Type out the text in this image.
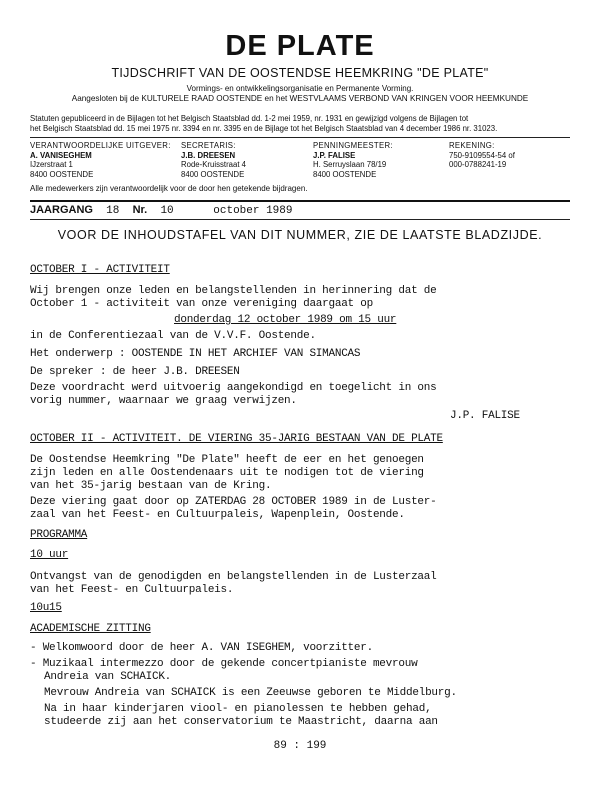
DE PLATE
TIJDSCHRIFT VAN DE OOSTENDSE HEEMKRING "DE PLATE"
Vormings- en ontwikkelingsorganisatie en Permanente Vorming.
Aangesloten bij de KULTURELE RAAD OOSTENDE en het WESTVLAAMS VERBOND VAN KRINGEN VOOR HEEMKUNDE
Statuten gepubliceerd in de Bijlagen tot het Belgisch Staatsblad dd. 1-2 mei 1959, nr. 1931 en gewijzigd volgens de Bijlagen tot
het Belgisch Staatsblad dd. 15 mei 1975 nr. 3394 en nr. 3395 en de Bijlage tot het Belgisch Staatsblad van 4 december 1986 nr. 31023.
VERANTWOORDELIJKE UITGEVER:
A. VANISEGHEM
IJzerstraat 1
8400 OOSTENDE
SECRETARIS:
J.B. DREESEN
Rode-Kruisstraat 4
8400 OOSTENDE
PENNINGMEESTER:
J.P. FALISE
H. Serruyslaan 78/19
8400 OOSTENDE
REKENING:
750-9109554-54 of
000-0788241-19
Alle medewerkers zijn verantwoordelijk voor de door hen getekende bijdragen.
JAARGANG 18 Nr. 10	october 1989
VOOR DE INHOUDSTAFEL VAN DIT NUMMER, ZIE DE LAATSTE BLADZIJDE.
OCTOBER I - ACTIVITEIT
Wij brengen onze leden en belangstellenden in herinnering dat de
October 1 - activiteit van onze vereniging daargaat op
donderdag 12 october 1989 om 15 uur
in de Conferentiezaal van de V.V.F. Oostende.
Het onderwerp : OOSTENDE IN HET ARCHIEF VAN SIMANCAS
De spreker : de heer J.B. DREESEN
Deze voordracht werd uitvoerig aangekondigd en toegelicht in ons
vorig nummer, waarnaar we graag verwijzen.
J.P. FALISE
OCTOBER II - ACTIVITEIT. DE VIERING 35-JARIG BESTAAN VAN DE PLATE
De Oostendse Heemkring "De Plate" heeft de eer en het genoegen
zijn leden en alle Oostendenaars uit te nodigen tot de viering
van het 35-jarig bestaan van de Kring.
Deze viering gaat door op ZATERDAG 28 OCTOBER 1989 in de Luster-
zaal van het Feest- en Cultuurpaleis, Wapenplein, Oostende.
PROGRAMMA
10 uur
Ontvangst van de genodigden en belangstellenden in de Lusterzaal
van het Feest- en Cultuurpaleis.
10u15
ACADEMISCHE ZITTING
- Welkomwoord door de heer A. VAN ISEGHEM, voorzitter.
- Muzikaal intermezzo door de gekende concertpianiste mevrouw
Andreia van SCHAICK.
Mevrouw Andreia van SCHAICK is een Zeeuwse geboren te Middelburg.
Na in haar kinderjaren viool- en pianolessen te hebben gehad,
studeerde zij aan het conservatorium te Maastricht, daarna aan
89 : 199
